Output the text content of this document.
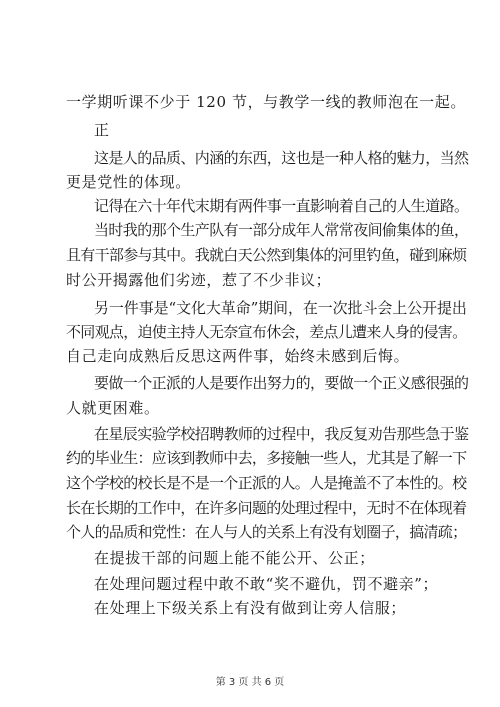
一学期听课不少于 120 节，与教学一线的教师泡在一起。
正
这是人的品质、内涵的东西，这也是一种人格的魅力，当然
更是党性的体现。
记得在六十年代末期有两件事一直影响着自己的人生道路。
当时我的那个生产队有一部分成年人常常夜间偷集体的鱼，
且有干部参与其中。我就白天公然到集体的河里钓鱼，碰到麻烦
时公开揭露他们劣迹，惹了不少非议；
另一件事是“文化大革命”期间，在一次批斗会上公开提出
不同观点，迫使主持人无奈宣布休会，差点儿遭来人身的侵害。
自己走向成熟后反思这两件事，始终未感到后悔。
要做一个正派的人是要作出努力的，要做一个正义感很强的
人就更困难。
在星辰实验学校招聘教师的过程中，我反复劝告那些急于鉴
约的毕业生：应该到教师中去，多接触一些人，尤其是了解一下
这个学校的校长是不是一个正派的人。人是掩盖不了本性的。校
长在长期的工作中，在许多问题的处理过程中，无时不在体现着
个人的品质和党性：在人与人的关系上有没有划圈子，搞清疏；
在提拔干部的问题上能不能公开、公正；
在处理问题过程中敢不敢“奖不避仇，罚不避亲”；
在处理上下级关系上有没有做到让旁人信服；
第 3 页 共 6 页
